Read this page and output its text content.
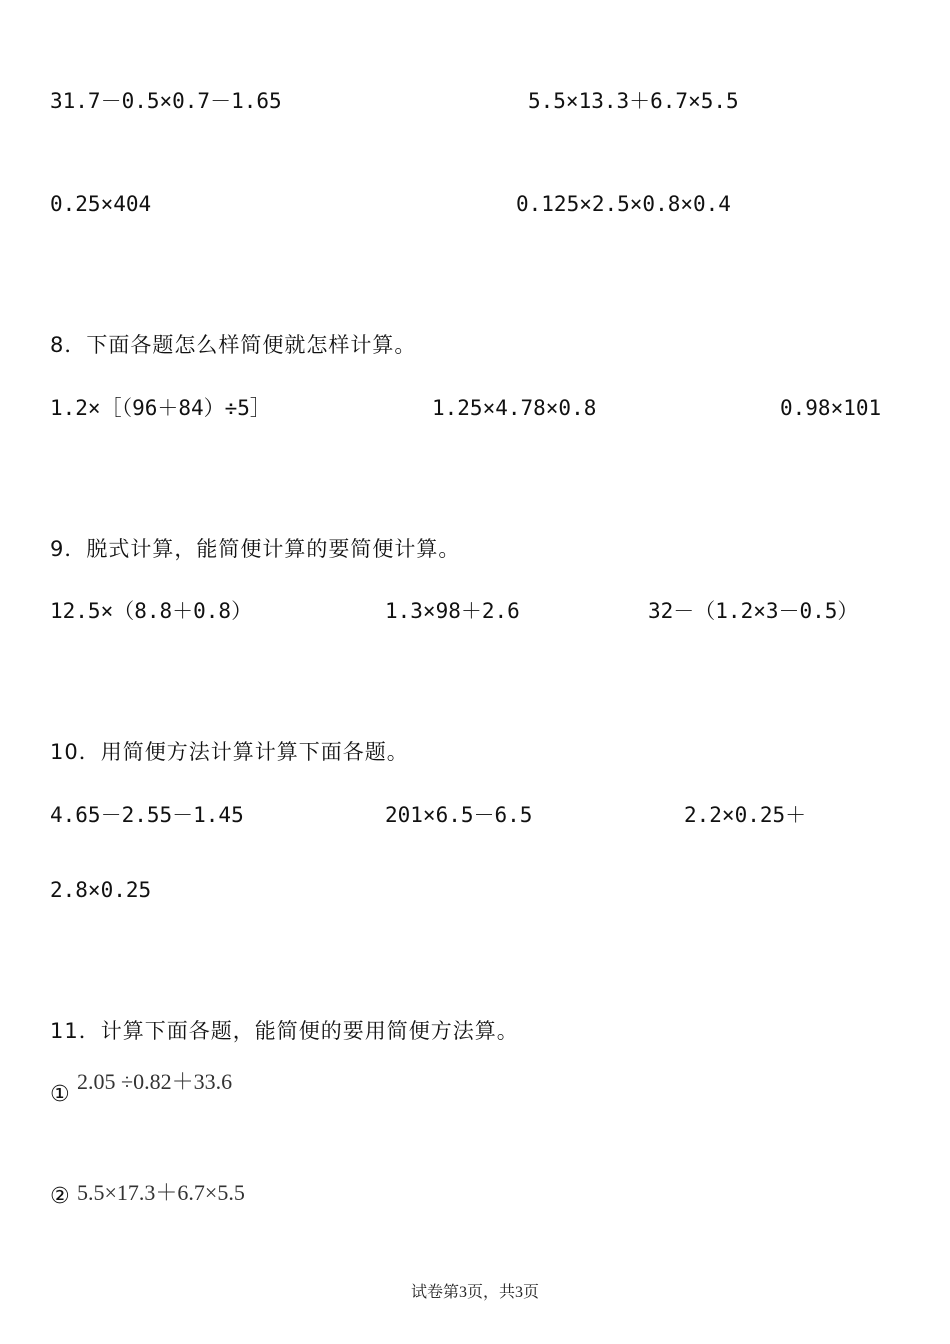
31.7－0.5×0.7－1.65	5.5×13.3＋6.7×5.5
0.25×404	0.125×2.5×0.8×0.4
8．下面各题怎么样简便就怎样计算。
1.2×［（96＋84）÷5］	1.25×4.78×0.8	0.98×101
9．脱式计算，能简便计算的要简便计算。
12.5×（8.8＋0.8）	1.3×98＋2.6	32－（1.2×3－0.5）
10．用简便方法计算计算下面各题。
4.65－2.55－1.45	201×6.5－6.5	2.2×0.25＋
2.8×0.25
11．计算下面各题，能简便的要用简便方法算。
①
2.05 ÷0.82＋33.6
② 5.5×17.3＋6.7×5.5
试卷第3页，共3页
